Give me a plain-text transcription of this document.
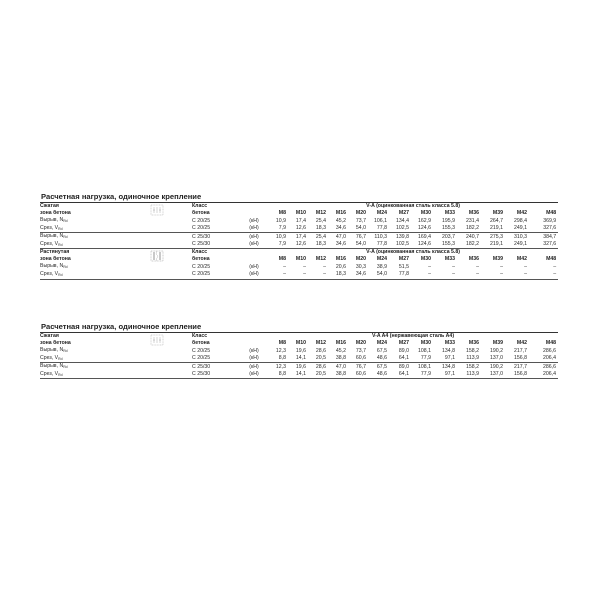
Расчетная нагрузка, одиночное крепление
Сжатая		Класс		V-A (оцинкованная сталь класса 5.8)												
зона бетона		бетона		M8	M10	M12	M16	M20	M24	M27	M30	M33	M36	M39	M42	M48
Вырыв, $N_{Rd}$		C 20/25	(кН)	10,9	17,4	25,4	45,2	73,7	106,1	134,4	162,9	195,9	231,4	264,7	298,4	369,9
Срез, $V_{Rd}$		C 20/25	(кН)	7,9	12,6	18,3	34,6	54,0	77,8	102,5	124,6	155,3	182,2	219,1	249,1	327,6
Вырыв, $N_{Rd}$		C 25/30	(кН)	10,9	17,4	25,4	47,0	76,7	110,3	139,8	169,4	203,7	240,7	275,3	310,3	384,7
Срез, $V_{Rd}$		C 25/30	(кН)	7,9	12,6	18,3	34,6	54,0	77,8	102,5	124,6	155,3	182,2	219,1	249,1	327,6
Растянутая		Класс		V-A (оцинкованная сталь класса 5.8)												
зона бетона		бетона		M8	M10	M12	M16	M20	M24	M27	M30	M33	M36	M39	M42	M48
Вырыв, $N_{Rd}$		C 20/25	(кН)	–	–	–	20,6	30,3	38,9	51,5	–	–	–	–	–	–
Срез, $V_{Rd}$		C 20/25	(кН)	–	–	–	18,3	34,6	54,0	77,8	–	–	–	–	–	–
Расчетная нагрузка, одиночное крепление
Сжатая		Класс		V-A A4 (нержавеющая сталь A4)												
зона бетона		бетона		M8	M10	M12	M16	M20	M24	M27	M30	M33	M36	M39	M42	M48
Вырыв, $N_{Rd}$		C 20/25	(кН)	12,3	19,6	28,6	45,2	73,7	67,5	89,0	108,1	134,8	158,2	190,2	217,7	286,6
Срез, $V_{Rd}$		C 20/25	(кН)	8,8	14,1	20,5	38,8	60,6	48,6	64,1	77,9	97,1	113,9	137,0	156,8	206,4
Вырыв, $N_{Rd}$		C 25/30	(кН)	12,3	19,6	28,6	47,0	76,7	67,5	89,0	108,1	134,8	158,2	190,2	217,7	286,6
Срез, $V_{Rd}$		C 25/30	(кН)	8,8	14,1	20,5	38,8	60,6	48,6	64,1	77,9	97,1	113,9	137,0	156,8	206,4
